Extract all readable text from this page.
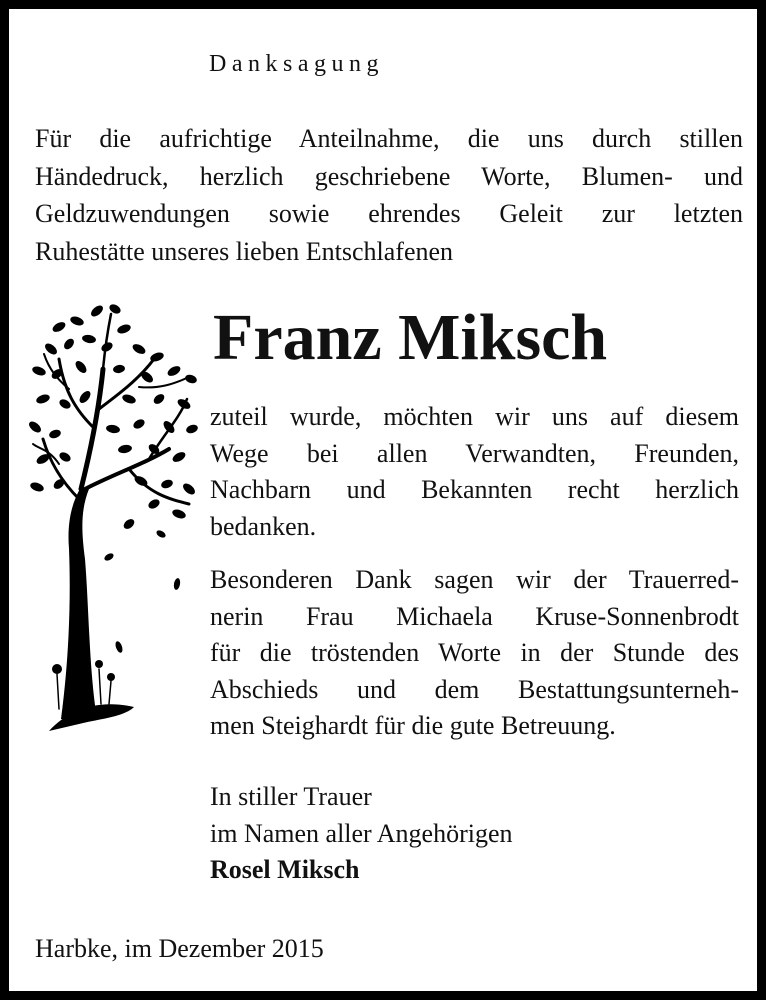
Danksagung
Für die aufrichtige Anteilnahme, die uns durch stillen
Händedruck, herzlich geschriebene Worte, Blumen- und
Geldzuwendungen sowie ehrendes Geleit zur letzten
Ruhestätte unseres lieben Entschlafenen
Franz Miksch
zuteil wurde, möchten wir uns auf diesem
Wege bei allen Verwandten, Freunden,
Nachbarn und Bekannten recht herzlich
bedanken.
Besonderen Dank sagen wir der Trauerred-
nerin Frau Michaela Kruse-Sonnenbrodt
für die tröstenden Worte in der Stunde des
Abschieds und dem Bestattungsunterneh-
men Steighardt für die gute Betreuung.
In stiller Trauer
im Namen aller Angehörigen
Rosel Miksch
Harbke, im Dezember 2015
